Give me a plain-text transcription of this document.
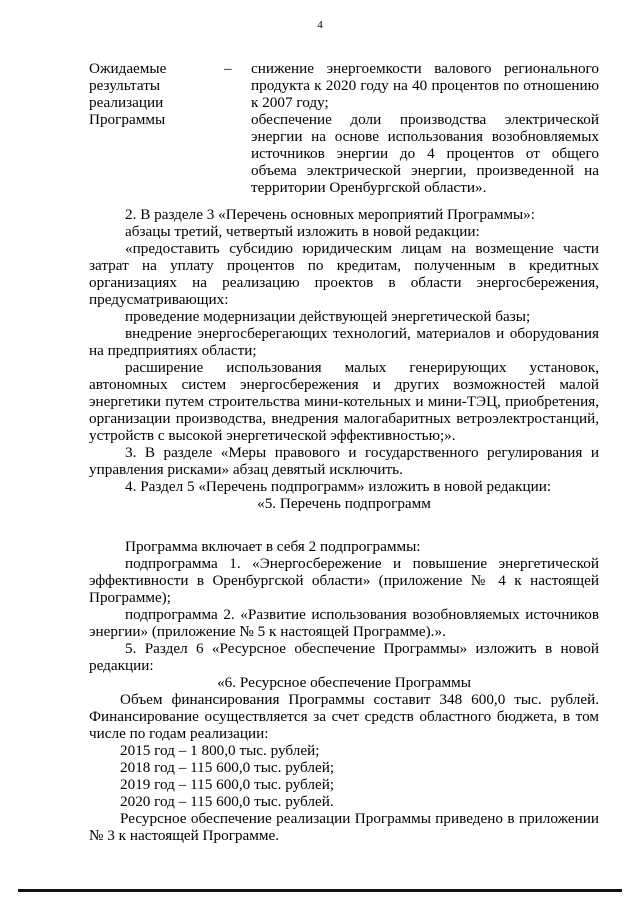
4
Ожидаемые
результаты
реализации
Программы
–	снижение энергоемкости валового регионального продукта к 2020 году на 40 процентов по отношению к 2007 году;

обеспечение доли производства электрической энергии на основе использования возобновляемых источников энергии до 4 процентов от общего объема электрической энергии, произведенной на территории Оренбургской области».

2. В разделе 3 «Перечень основных мероприятий Программы»:

абзацы третий, четвертый изложить в новой редакции:

«предоставить субсидию юридическим лицам на возмещение части затрат на уплату процентов по кредитам, полученным в кредитных организациях на реализацию проектов в области энергосбережения, предусматривающих:

проведение модернизации действующей энергетической базы;

внедрение энергосберегающих технологий, материалов и оборудования на предприятиях области;

расширение использования малых генерирующих установок, автономных систем энергосбережения и других возможностей малой энергетики путем строительства мини-котельных и мини-ТЭЦ, приобретения, организации производства, внедрения малогабаритных ветроэлектростанций, устройств с высокой энергетической эффективностью;».

3. В разделе «Меры правового и государственного регулирования и управления рисками» абзац девятый исключить.

4. Раздел 5 «Перечень подпрограмм» изложить в новой редакции:

«5. Перечень подпрограмм

Программа включает в себя 2 подпрограммы:

подпрограмма 1. «Энергосбережение и повышение энергетической эффективности в Оренбургской области» (приложение № 4 к настоящей Программе);

подпрограмма 2. «Развитие использования возобновляемых источников энергии» (приложение № 5 к настоящей Программе).».

5. Раздел 6 «Ресурсное обеспечение Программы» изложить в новой редакции:

«6. Ресурсное обеспечение Программы

Объем финансирования Программы составит 348 600,0 тыс. рублей. Финансирование осуществляется за счет средств областного бюджета, в том числе по годам реализации:

2015 год – 1 800,0 тыс. рублей;

2018 год – 115 600,0 тыс. рублей;

2019 год – 115 600,0 тыс. рублей;

2020 год – 115 600,0 тыс. рублей.

Ресурсное обеспечение реализации Программы приведено в приложении № 3 к настоящей Программе.
